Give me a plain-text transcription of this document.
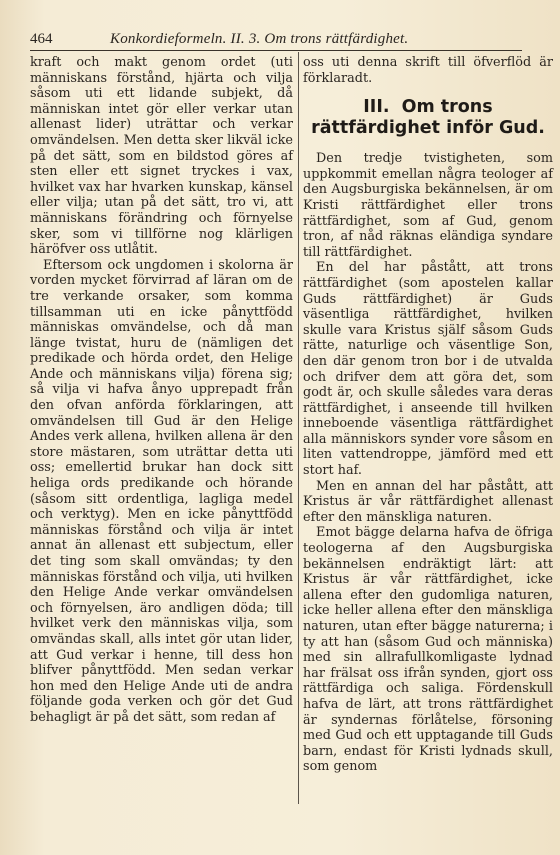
464	Konkordieformeln. II. 3. Om trons rättfärdighet.

kraft och makt genom ordet (uti människans förstånd, hjärta och vilja såsom uti ett lidande subjekt, då människan intet gör eller verkar utan allenast lider) uträttar och verkar omvändelsen. Men detta sker likväl icke på det sätt, som en bildstod göres af sten eller ett signet tryckes i vax, hvilket vax har hvarken kunskap, känsel eller vilja; utan på det sätt, tro vi, att människans förändring och förnyelse sker, som vi tillförne nog klärligen häröfver oss utlåtit.

Eftersom ock ungdomen i skolorna är vorden mycket förvirrad af läran om de tre verkande orsaker, som komma tillsamman uti en icke pånyttfödd människas omvändelse, och då man länge tvistat, huru de (nämligen det predikade och hörda ordet, den Helige Ande och människans vilja) förena sig; så vilja vi hafva ånyo upprepadt från den ofvan anförda förklaringen, att omvändelsen till Gud är den Helige Andes verk allena, hvilken allena är den store mästaren, som uträttar detta uti oss; emellertid brukar han dock sitt heliga ords predikande och hörande (såsom sitt ordentliga, lagliga medel och verktyg). Men en icke pånyttfödd människas förstånd och vilja är intet annat än allenast ett subjectum, eller det ting som skall omvändas; ty den människas förstånd och vilja, uti hvilken den Helige Ande verkar omvändelsen och förnyelsen, äro andligen döda; till hvilket verk den människas vilja, som omvändas skall, alls intet gör utan lider, att Gud verkar i henne, till dess hon blifver pånyttfödd. Men sedan verkar hon med den Helige Ande uti de andra följande goda verken och gör det Gud behagligt är på det sätt, som redan af

oss uti denna skrift till öfverflöd är förklaradt.

III. Om trons rättfärdighet inför Gud.

Den tredje tvistigheten, som uppkommit emellan några teologer af den Augsburgiska bekännelsen, är om Kristi rättfärdighet eller trons rättfärdighet, som af Gud, genom tron, af nåd räknas eländiga syndare till rättfärdighet.

En del har påstått, att trons rättfärdighet (som apostelen kallar Guds rättfärdighet) är Guds väsentliga rättfärdighet, hvilken skulle vara Kristus själf såsom Guds rätte, naturlige och väsentlige Son, den där genom tron bor i de utvalda och drifver dem att göra det, som godt är, och skulle således vara deras rättfärdighet, i anseende till hvilken inneboende väsentliga rättfärdighet alla människors synder vore såsom en liten vattendroppe, jämförd med ett stort haf.

Men en annan del har påstått, att Kristus är vår rättfärdighet allenast efter den mänskliga naturen.

Emot bägge delarna hafva de öfriga teologerna af den Augsburgiska bekännelsen endräktigt lärt: att Kristus är vår rättfärdighet, icke allena efter den gudomliga naturen, icke heller allena efter den mänskliga naturen, utan efter bägge naturerna; i ty att han (såsom Gud och människa) med sin allrafullkomligaste lydnad har frälsat oss ifrån synden, gjort oss rättfärdiga och saliga. Fördenskull hafva de lärt, att trons rättfärdighet är syndernas förlåtelse, försoning med Gud och ett upptagande till Guds barn, endast för Kristi lydnads skull, som genom
